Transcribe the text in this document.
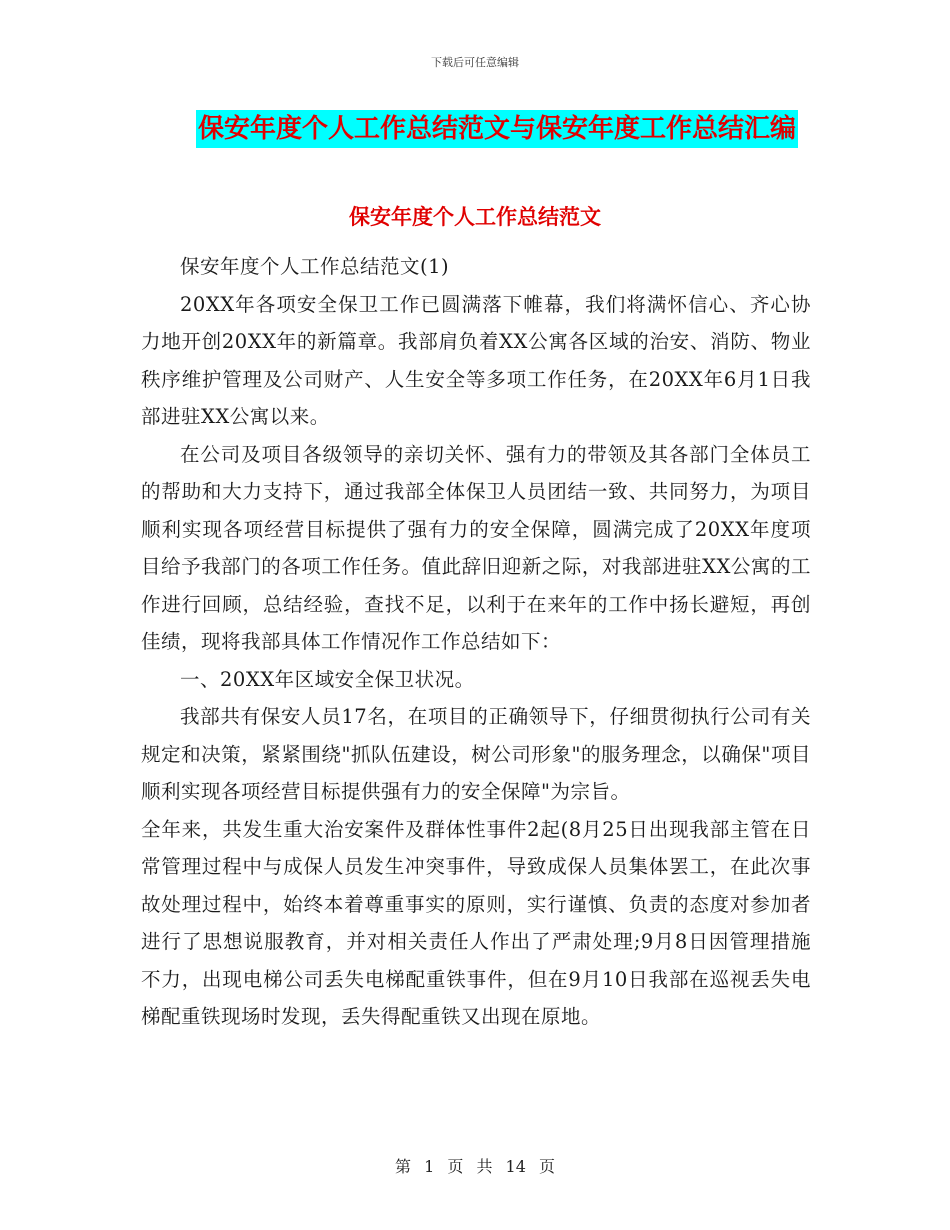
下载后可任意编辑
保安年度个人工作总结范文与保安年度工作总结汇编
保安年度个人工作总结范文

保安年度个人工作总结范文(1)

20XX年各项安全保卫工作已圆满落下帷幕，我们将满怀信心、齐心协力地开创20XX年的新篇章。我部肩负着XX公寓各区域的治安、消防、物业秩序维护管理及公司财产、人生安全等多项工作任务，在20XX年6月1日我部进驻XX公寓以来。

在公司及项目各级领导的亲切关怀、强有力的带领及其各部门全体员工的帮助和大力支持下，通过我部全体保卫人员团结一致、共同努力，为项目顺利实现各项经营目标提供了强有力的安全保障，圆满完成了20XX年度项目给予我部门的各项工作任务。值此辞旧迎新之际，对我部进驻XX公寓的工作进行回顾，总结经验，查找不足，以利于在来年的工作中扬长避短，再创佳绩，现将我部具体工作情况作工作总结如下：

一、20XX年区域安全保卫状况。

我部共有保安人员17名，在项目的正确领导下，仔细贯彻执行公司有关规定和决策，紧紧围绕"抓队伍建设，树公司形象"的服务理念，以确保"项目顺利实现各项经营目标提供强有力的安全保障"为宗旨。

全年来，共发生重大治安案件及群体性事件2起(8月25日出现我部主管在日常管理过程中与成保人员发生冲突事件，导致成保人员集体罢工，在此次事故处理过程中，始终本着尊重事实的原则，实行谨慎、负责的态度对参加者进行了思想说服教育，并对相关责任人作出了严肃处理;9月8日因管理措施不力，出现电梯公司丢失电梯配重铁事件，但在9月10日我部在巡视丢失电梯配重铁现场时发现，丢失得配重铁又出现在原地。

第 1 页 共 14 页
